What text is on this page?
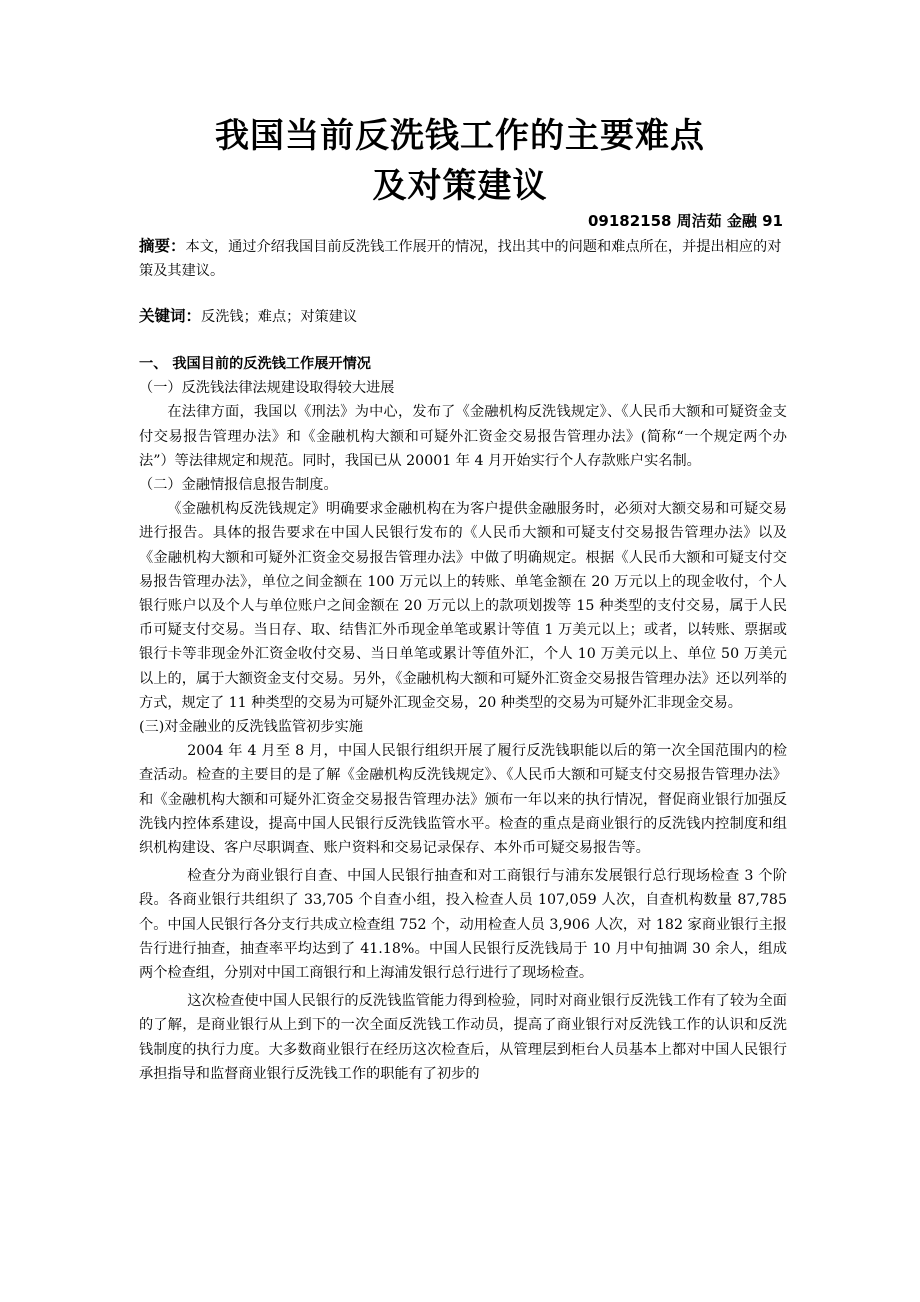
我国当前反洗钱工作的主要难点
及对策建议
09182158 周洁茹 金融 91
摘要：本文，通过介绍我国目前反洗钱工作展开的情况，找出其中的问题和难点所在，并提出相应的对策及其建议。
关键词：反洗钱；难点；对策建议

一、 我国目前的反洗钱工作展开情况

（一）反洗钱法律法规建设取得较大进展

在法律方面，我国以《刑法》为中心，发布了《金融机构反洗钱规定》、《人民币大额和可疑资金支付交易报告管理办法》和《金融机构大额和可疑外汇资金交易报告管理办法》(简称“一个规定两个办法”）等法律规定和规范。同时，我国已从 20001 年 4 月开始实行个人存款账户实名制。

（二）金融情报信息报告制度。

《金融机构反洗钱规定》明确要求金融机构在为客户提供金融服务时，必须对大额交易和可疑交易进行报告。具体的报告要求在中国人民银行发布的《人民币大额和可疑支付交易报告管理办法》以及《金融机构大额和可疑外汇资金交易报告管理办法》中做了明确规定。根据《人民币大额和可疑支付交易报告管理办法》，单位之间金额在 100 万元以上的转账、单笔金额在 20 万元以上的现金收付，个人银行账户以及个人与单位账户之间金额在 20 万元以上的款项划拨等 15 种类型的支付交易，属于人民币可疑支付交易。当日存、取、结售汇外币现金单笔或累计等值 1 万美元以上；或者，以转账、票据或银行卡等非现金外汇资金收付交易、当日单笔或累计等值外汇，个人 10 万美元以上、单位 50 万美元以上的，属于大额资金支付交易。另外，《金融机构大额和可疑外汇资金交易报告管理办法》还以列举的方式，规定了 11 种类型的交易为可疑外汇现金交易，20 种类型的交易为可疑外汇非现金交易。

(三)对金融业的反洗钱监管初步实施

2004 年 4 月至 8 月，中国人民银行组织开展了履行反洗钱职能以后的第一次全国范围内的检查活动。检查的主要目的是了解《金融机构反洗钱规定》、《人民币大额和可疑支付交易报告管理办法》和《金融机构大额和可疑外汇资金交易报告管理办法》颁布一年以来的执行情况，督促商业银行加强反洗钱内控体系建设，提高中国人民银行反洗钱监管水平。检查的重点是商业银行的反洗钱内控制度和组织机构建设、客户尽职调查、账户资料和交易记录保存、本外币可疑交易报告等。

检查分为商业银行自查、中国人民银行抽查和对工商银行与浦东发展银行总行现场检查 3 个阶段。各商业银行共组织了 33,705 个自查小组，投入检查人员 107,059 人次，自查机构数量 87,785 个。中国人民银行各分支行共成立检查组 752 个，动用检查人员 3,906 人次，对 182 家商业银行主报告行进行抽查，抽查率平均达到了 41.18%。中国人民银行反洗钱局于 10 月中旬抽调 30 余人，组成两个检查组，分别对中国工商银行和上海浦发银行总行进行了现场检查。

这次检查使中国人民银行的反洗钱监管能力得到检验，同时对商业银行反洗钱工作有了较为全面的了解，是商业银行从上到下的一次全面反洗钱工作动员，提高了商业银行对反洗钱工作的认识和反洗钱制度的执行力度。大多数商业银行在经历这次检查后，从管理层到柜台人员基本上都对中国人民银行承担指导和监督商业银行反洗钱工作的职能有了初步的
